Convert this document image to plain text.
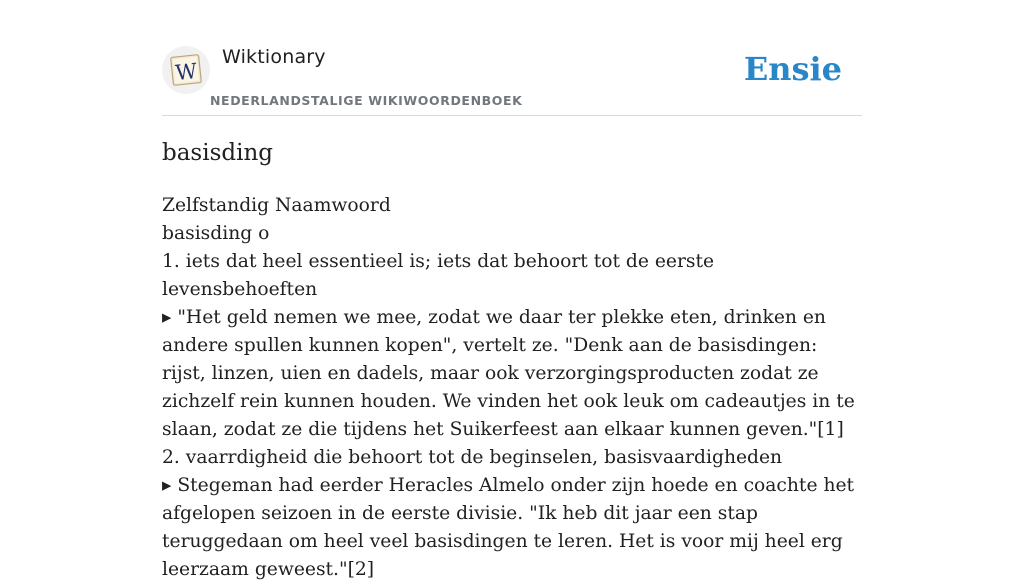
W
Wiktionary
NEDERLANDSTALIGE WIKIWOORDENBOEK
Ensie
basisding

Zelfstandig Naamwoord

basisding o

1. iets dat heel essentieel is; iets dat behoort tot de eerste levensbehoeften

▸ "Het geld nemen we mee, zodat we daar ter plekke eten, drinken en andere spullen kunnen kopen", vertelt ze. "Denk aan de basisdingen: rijst, linzen, uien en dadels, maar ook verzorgingsproducten zodat ze zichzelf rein kunnen houden. We vinden het ook leuk om cadeautjes in te slaan, zodat ze die tijdens het Suikerfeest aan elkaar kunnen geven."[1]

2. vaarrdigheid die behoort tot de beginselen, basisvaardigheden

▸ Stegeman had eerder Heracles Almelo onder zijn hoede en coachte het afgelopen seizoen in de eerste divisie. "Ik heb dit jaar een stap teruggedaan om heel veel basisdingen te leren. Het is voor mij heel erg leerzaam geweest."[2]
